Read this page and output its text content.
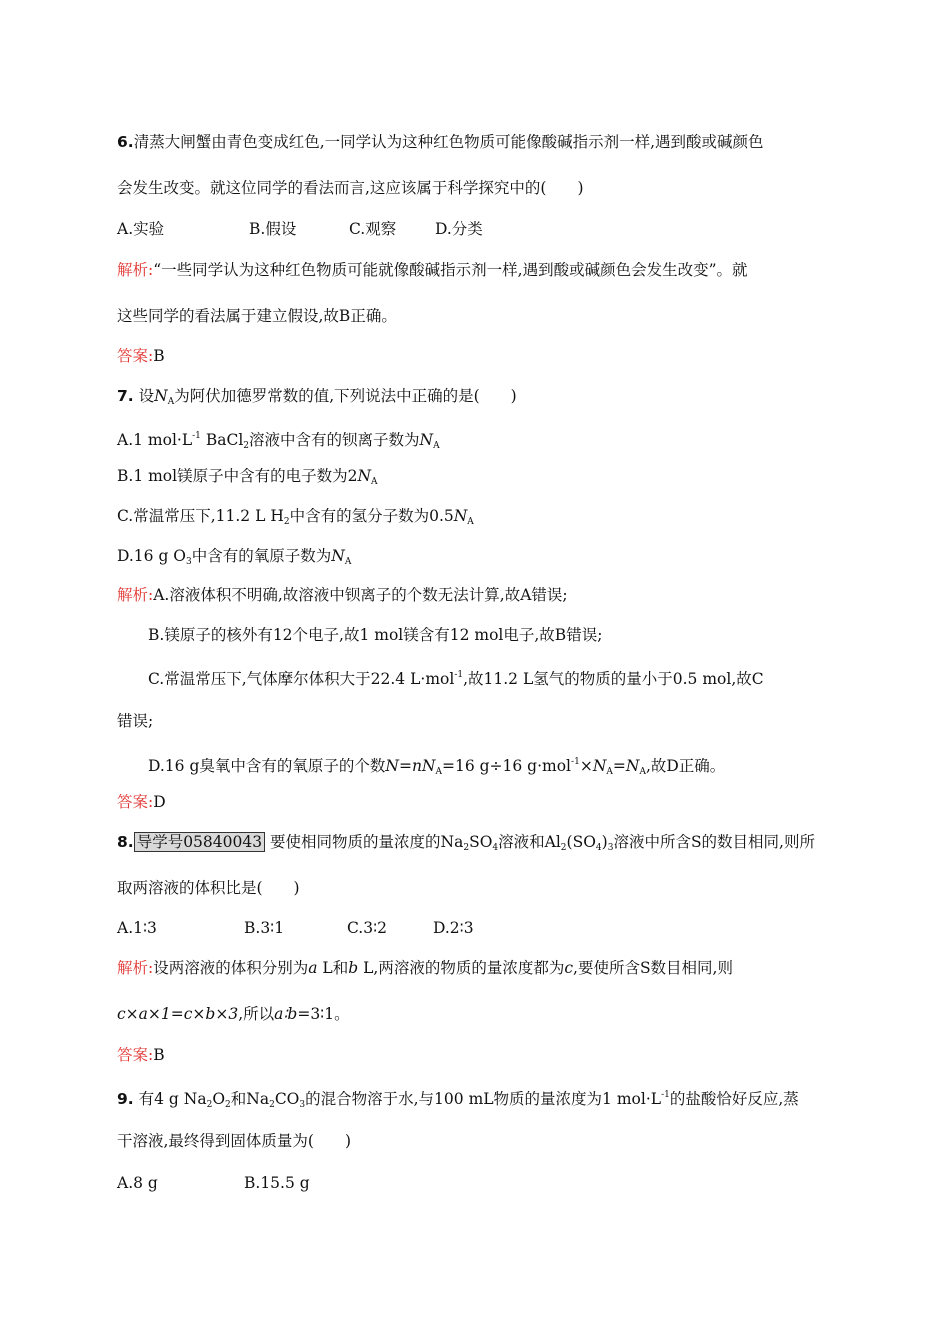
6.清蒸大闸蟹由青色变成红色,一同学认为这种红色物质可能像酸碱指示剂一样,遇到酸或碱颜色
会发生改变。就这位同学的看法而言,这应该属于科学探究中的(　　)
A.实验	B.假设	C.观察	D.分类
解析:“一些同学认为这种红色物质可能就像酸碱指示剂一样,遇到酸或碱颜色会发生改变”。就
这些同学的看法属于建立假设,故B正确。
答案:B
7. 设$N_A$为阿伏加德罗常数的值,下列说法中正确的是(　　)
A.1 $mol\cdot L^{-1}$ BaCl$_2$溶液中含有的钡离子数为$N_A$
B.1 mol镁原子中含有的电子数为$2N_A$
C.常温常压下,11.2 L $H_2$中含有的氢分子数为$0.5N_A$
D.16 g $O_3$中含有的氧原子数为$N_A$
解析:A.溶液体积不明确,故溶液中钡离子的个数无法计算,故A错误;
B.镁原子的核外有12个电子,故1 mol镁含有12 mol电子,故B错误;
C.常温常压下,气体摩尔体积大于22.4 L·mol$^{-1}$,故11.2 L氢气的物质的量小于0.5 mol,故C
错误;
D.16 g臭氧中含有的氧原子的个数$N=nN_A=16$ g÷16 $g\cdot mol^{-1}\times N_A=N_A$,故D正确。
答案:D
8. 导学号05840043 要使相同物质的量浓度的$Na_2SO_4$溶液和$Al_2(SO_4)_3$溶液中所含S的数目相同,则所
取两溶液的体积比是(　　)
A.1∶3	B.3∶1	C.3∶2	D.2∶3
解析:设两溶液的体积分别为a L和b L,两溶液的物质的量浓度都为c,要使所含S数目相同,则
c×a×1=c×b×3,所以a∶b=3∶1。
答案:B
9. 有4 g $Na_2O_2$和$Na_2CO_3$的混合物溶于水,与100 mL物质的量浓度为1 $mol\cdot L^{-1}$的盐酸恰好反应,蒸
干溶液,最终得到固体质量为(　　)
A.8 g	B.15.5 g
